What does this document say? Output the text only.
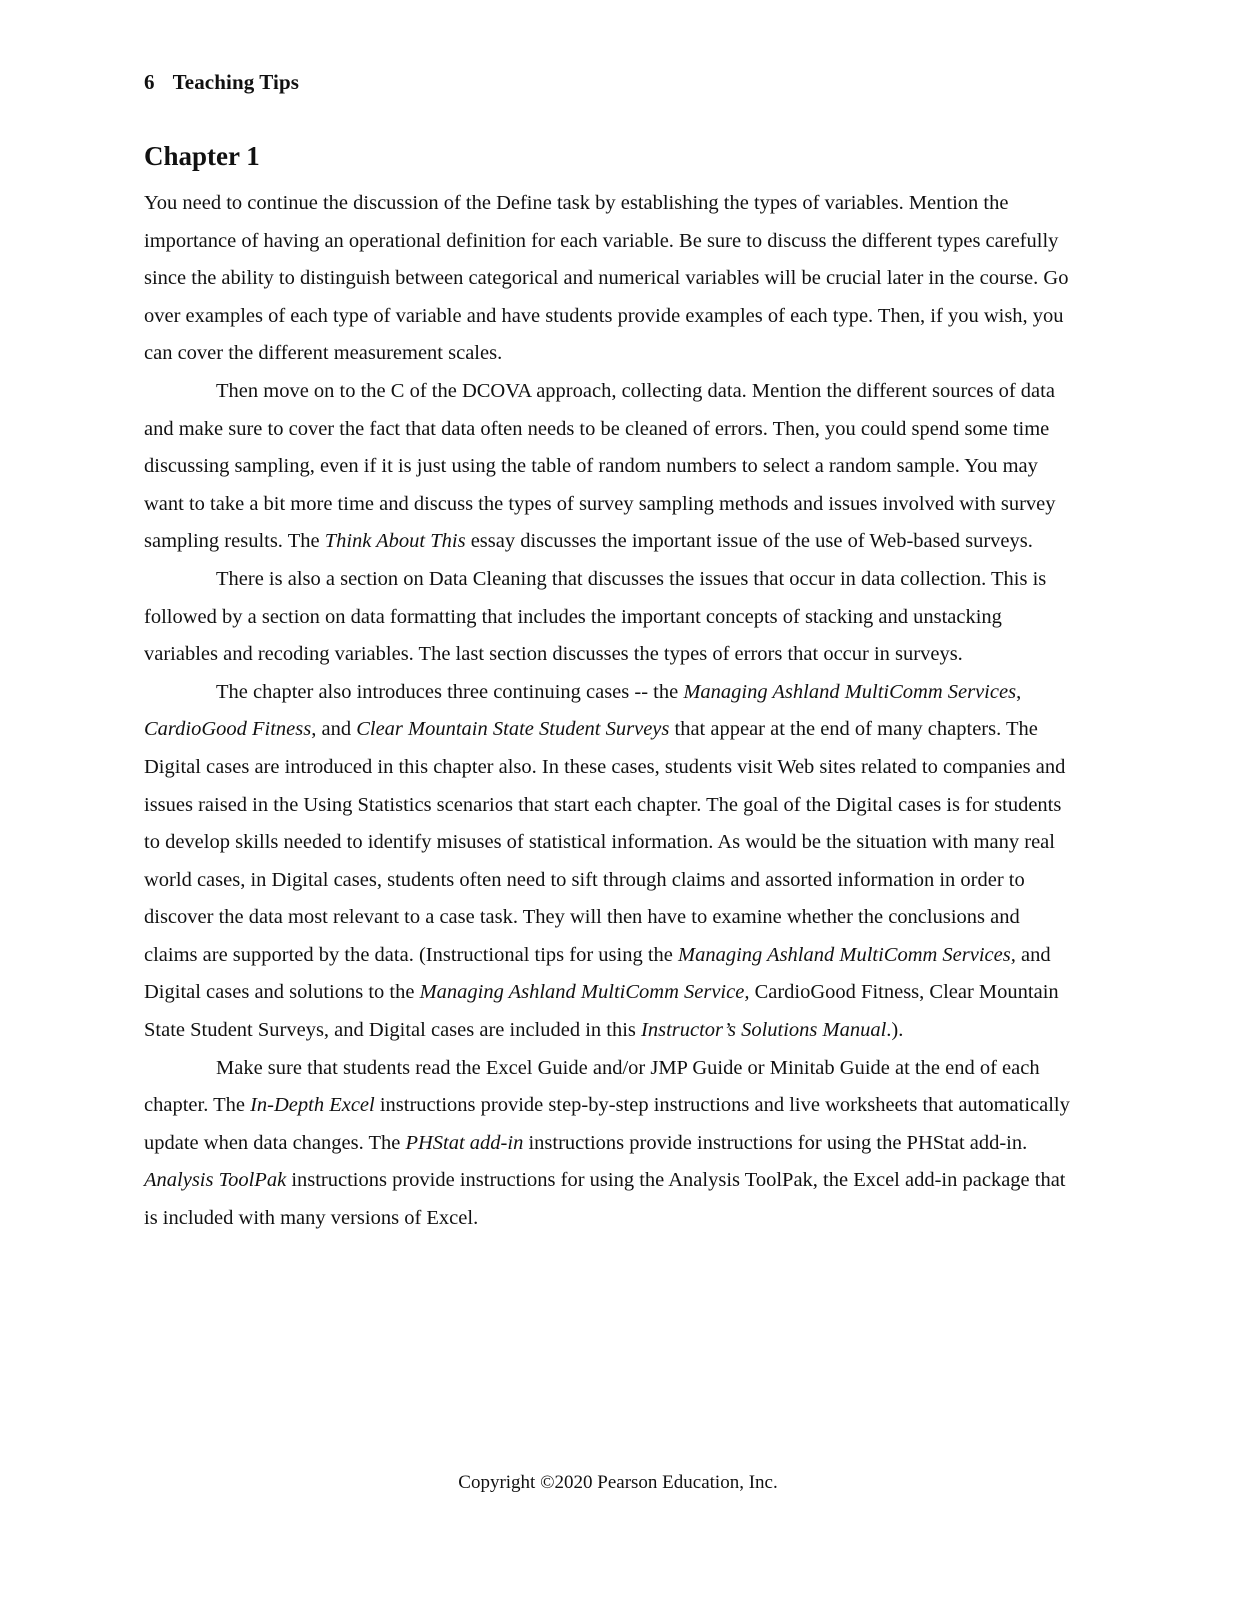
6 Teaching Tips
Chapter 1

You need to continue the discussion of the Define task by establishing the types of variables. Mention the importance of having an operational definition for each variable. Be sure to discuss the different types carefully since the ability to distinguish between categorical and numerical variables will be crucial later in the course. Go over examples of each type of variable and have students provide examples of each type. Then, if you wish, you can cover the different measurement scales.

Then move on to the C of the DCOVA approach, collecting data. Mention the different sources of data and make sure to cover the fact that data often needs to be cleaned of errors. Then, you could spend some time discussing sampling, even if it is just using the table of random numbers to select a random sample. You may want to take a bit more time and discuss the types of survey sampling methods and issues involved with survey sampling results. The Think About This essay discusses the important issue of the use of Web-based surveys.

There is also a section on Data Cleaning that discusses the issues that occur in data collection. This is followed by a section on data formatting that includes the important concepts of stacking and unstacking variables and recoding variables. The last section discusses the types of errors that occur in surveys.

The chapter also introduces three continuing cases -- the Managing Ashland MultiComm Services, CardioGood Fitness, and Clear Mountain State Student Surveys that appear at the end of many chapters. The Digital cases are introduced in this chapter also. In these cases, students visit Web sites related to companies and issues raised in the Using Statistics scenarios that start each chapter. The goal of the Digital cases is for students to develop skills needed to identify misuses of statistical information. As would be the situation with many real world cases, in Digital cases, students often need to sift through claims and assorted information in order to discover the data most relevant to a case task. They will then have to examine whether the conclusions and claims are supported by the data. (Instructional tips for using the Managing Ashland MultiComm Services, and Digital cases and solutions to the Managing Ashland MultiComm Service, CardioGood Fitness, Clear Mountain State Student Surveys, and Digital cases are included in this Instructor’s Solutions Manual.).

Make sure that students read the Excel Guide and/or JMP Guide or Minitab Guide at the end of each chapter. The In-Depth Excel instructions provide step-by-step instructions and live worksheets that automatically update when data changes. The PHStat add-in instructions provide instructions for using the PHStat add-in. Analysis ToolPak instructions provide instructions for using the Analysis ToolPak, the Excel add-in package that is included with many versions of Excel.

Copyright ©2020 Pearson Education, Inc.
